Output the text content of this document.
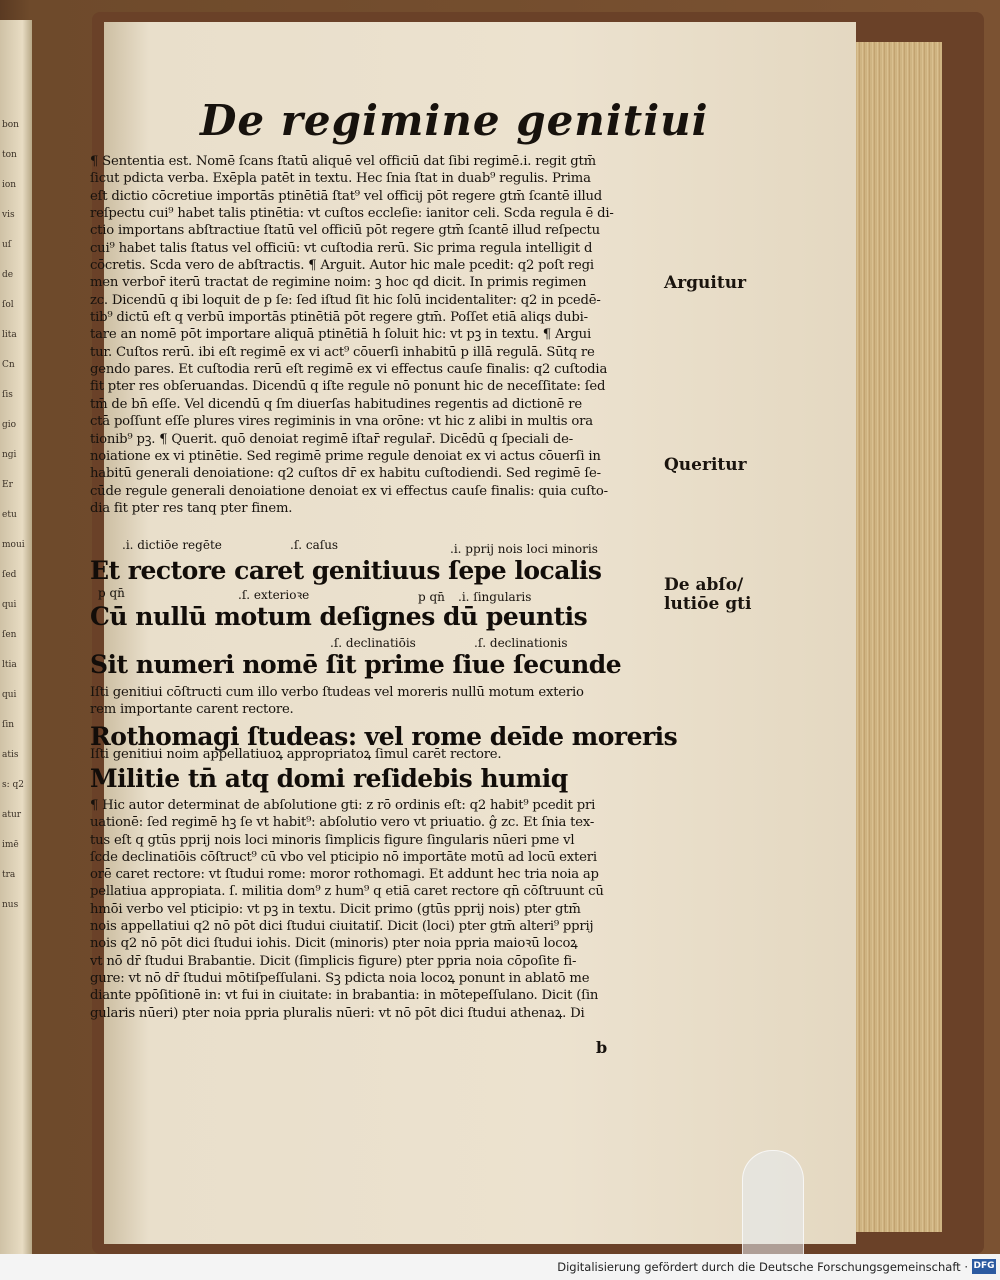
bon
ton
ion
vis
uſ
de
ſol
lita
Cn
ſis
gio
ngi
Er
etu
moui
ſed
qui
ſen
ltia
qui
ſin
atis
s: q2
atur
imē
tra
nus
De regimine genitiui
¶ Sententia est. Nomē ſcans ſtatū aliquē vel officiū dat ſibi regimē.i. regit gtm̄
ſicut pdicta verba. Exēpla patēt in textu. Hec ſnia ſtat in duab⁹ regulis. Prima
eſt dictio cōcretiue importās ptinētiā ſtat⁹ vel officij pōt regere gtm̄ ſcantē illud
reſpectu cui⁹ habet talis ptinētia: vt cuſtos eccleſie: ianitor celi. Scda regula ē di-
ctio importans abſtractiue ſtatū vel officiū pōt regere gtm̄ ſcantē illud reſpectu
cui⁹ habet talis ſtatus vel officiū: vt cuſtodia rerū. Sic prima regula intelligit̄ d
cōcretis. Scda vero de abſtractis. ¶ Arguit. Autor hic male pcedit: q2 poſt regi
men verbor̄ iterū tractat de regimine noim: ꝫ hoc qd dicit. In primis regimen
zc. Dicendū q ibi loquit de p ſe: ſed iſtud ſit hic ſolū incidentaliter: q2 in pcedē-
tib⁹ dictū eſt q verbū importās ptinētiā pōt regere gtm̄. Poſſet etiā aliqs dubi-
tare an nomē pōt importare aliquā ptinētiā h ſoluit hic: vt pꝫ in textu. ¶ Argui
tur. Cuſtos rerū. ibi eſt regimē ex vi act⁹ cōuerſi inhabitū p illā regulā. Sūtq re
gendo pares. Et cuſtodia rerū eſt regimē ex vi effectus cauſe finalis: q2 cuſtodia
fit pter res obſeruandas. Dicendū q iſte regule nō ponunt hic de neceſſitate: ſed
tm̄ de bn̄ eſſe. Vel dicendū q ſm diuerſas habitudines regentis ad dictionē re
ctā poſſunt eſſe plures vires regiminis in vna orōne: vt hic z alibi in multis ora
tionib⁹ pꝫ. ¶ Querit. quō denoiat regimē iſtar̄ regular̄. Dicēdū q ſpeciali de-
noiatione ex vi ptinētie. Sed regimē prime regule denoiat ex vi actus cōuerſi in
habitū generali denoiatione: q2 cuſtos dr̄ ex habitu cuſtodiendi. Sed regimē ſe-
cūde regule generali denoiatione denoiat ex vi effectus cauſe finalis: quia cuſto-
dia fit pter res tanq pter finem.
.i. dictiōe regēte	.ſ. caſus	.i. pprij nois loci minoris
Et rectore caret genitiuus ſepe localis
p qn̄	.ſ. exterioꝛe	p qn̄ .i. ſingularis
Cū nullū motum deſignes dū peuntis
.ſ. declinatiōis	.ſ. declinationis
Sit numeri nomē ſit prime ſiue ſecunde
Iſti genitiui cōſtructi cum illo verbo ſtudeas vel moreris nullū motum exterio
rem importante carent rectore.
Rothomagi ſtudeas: vel rome deīde moreris
Iſti genitiui noim appellatiuoꝝ appropriatoꝝ ſimul carēt rectore.
Militie tn̄ atq domi reſidebis humiq
¶ Hic autor determinat de abſolutione gti: z rō ordinis eſt: q2 habit⁹ pcedit pri
uationē: ſed regimē hꝫ ſe vt habit⁹: abſolutio vero vt priuatio. ĝ zc. Et ſnia tex-
tus eſt q gtūs pprij nois loci minoris ſimplicis figure ſingularis nūeri pme vl
ſcde declinatiōis cōſtruct⁹ cū vbo vel pticipio nō importāte motū ad locū exteri
orē caret rectore: vt ſtudui rome: moror rothomagi. Et addunt hec tria noia ap
pellatiua appropiata. ſ. militia dom⁹ z hum⁹ q etiā caret rectore qn̄ cōſtruunt cū
hmōi verbo vel pticipio: vt pꝫ in textu. Dicit primo (gtūs pprij nois) pter gtm̄
nois appellatiui q2 nō pōt dici ſtudui ciuitatiſ. Dicit (loci) pter gtm̄ alteri⁹ pprij
nois q2 nō pōt dici ſtudui ioh̄is. Dicit (minoris) pter noia ppria maioꝛū locoꝝ
vt nō dr̄ ſtudui Brabantie. Dicit (ſimplicis figure) pter ppria noia cōpoſite fi-
gure: vt nō dr̄ ſtudui mōtiſpeſſulani. Sꝫ pdicta noia locoꝝ ponunt in ablatō me
diante ppōſitionē in: vt fui in ciuitate: in brabantia: in mōtepeſſulano. Dicit (ſin
gularis nūeri) pter noia ppria pluralis nūeri: vt nō pōt dici ſtudui athenaꝝ. Di
b
Arguitur
Queritur
De abſo/
lutiōe gti
Digitalisierung gefördert durch die Deutsche Forschungsgemeinschaft · DFG
